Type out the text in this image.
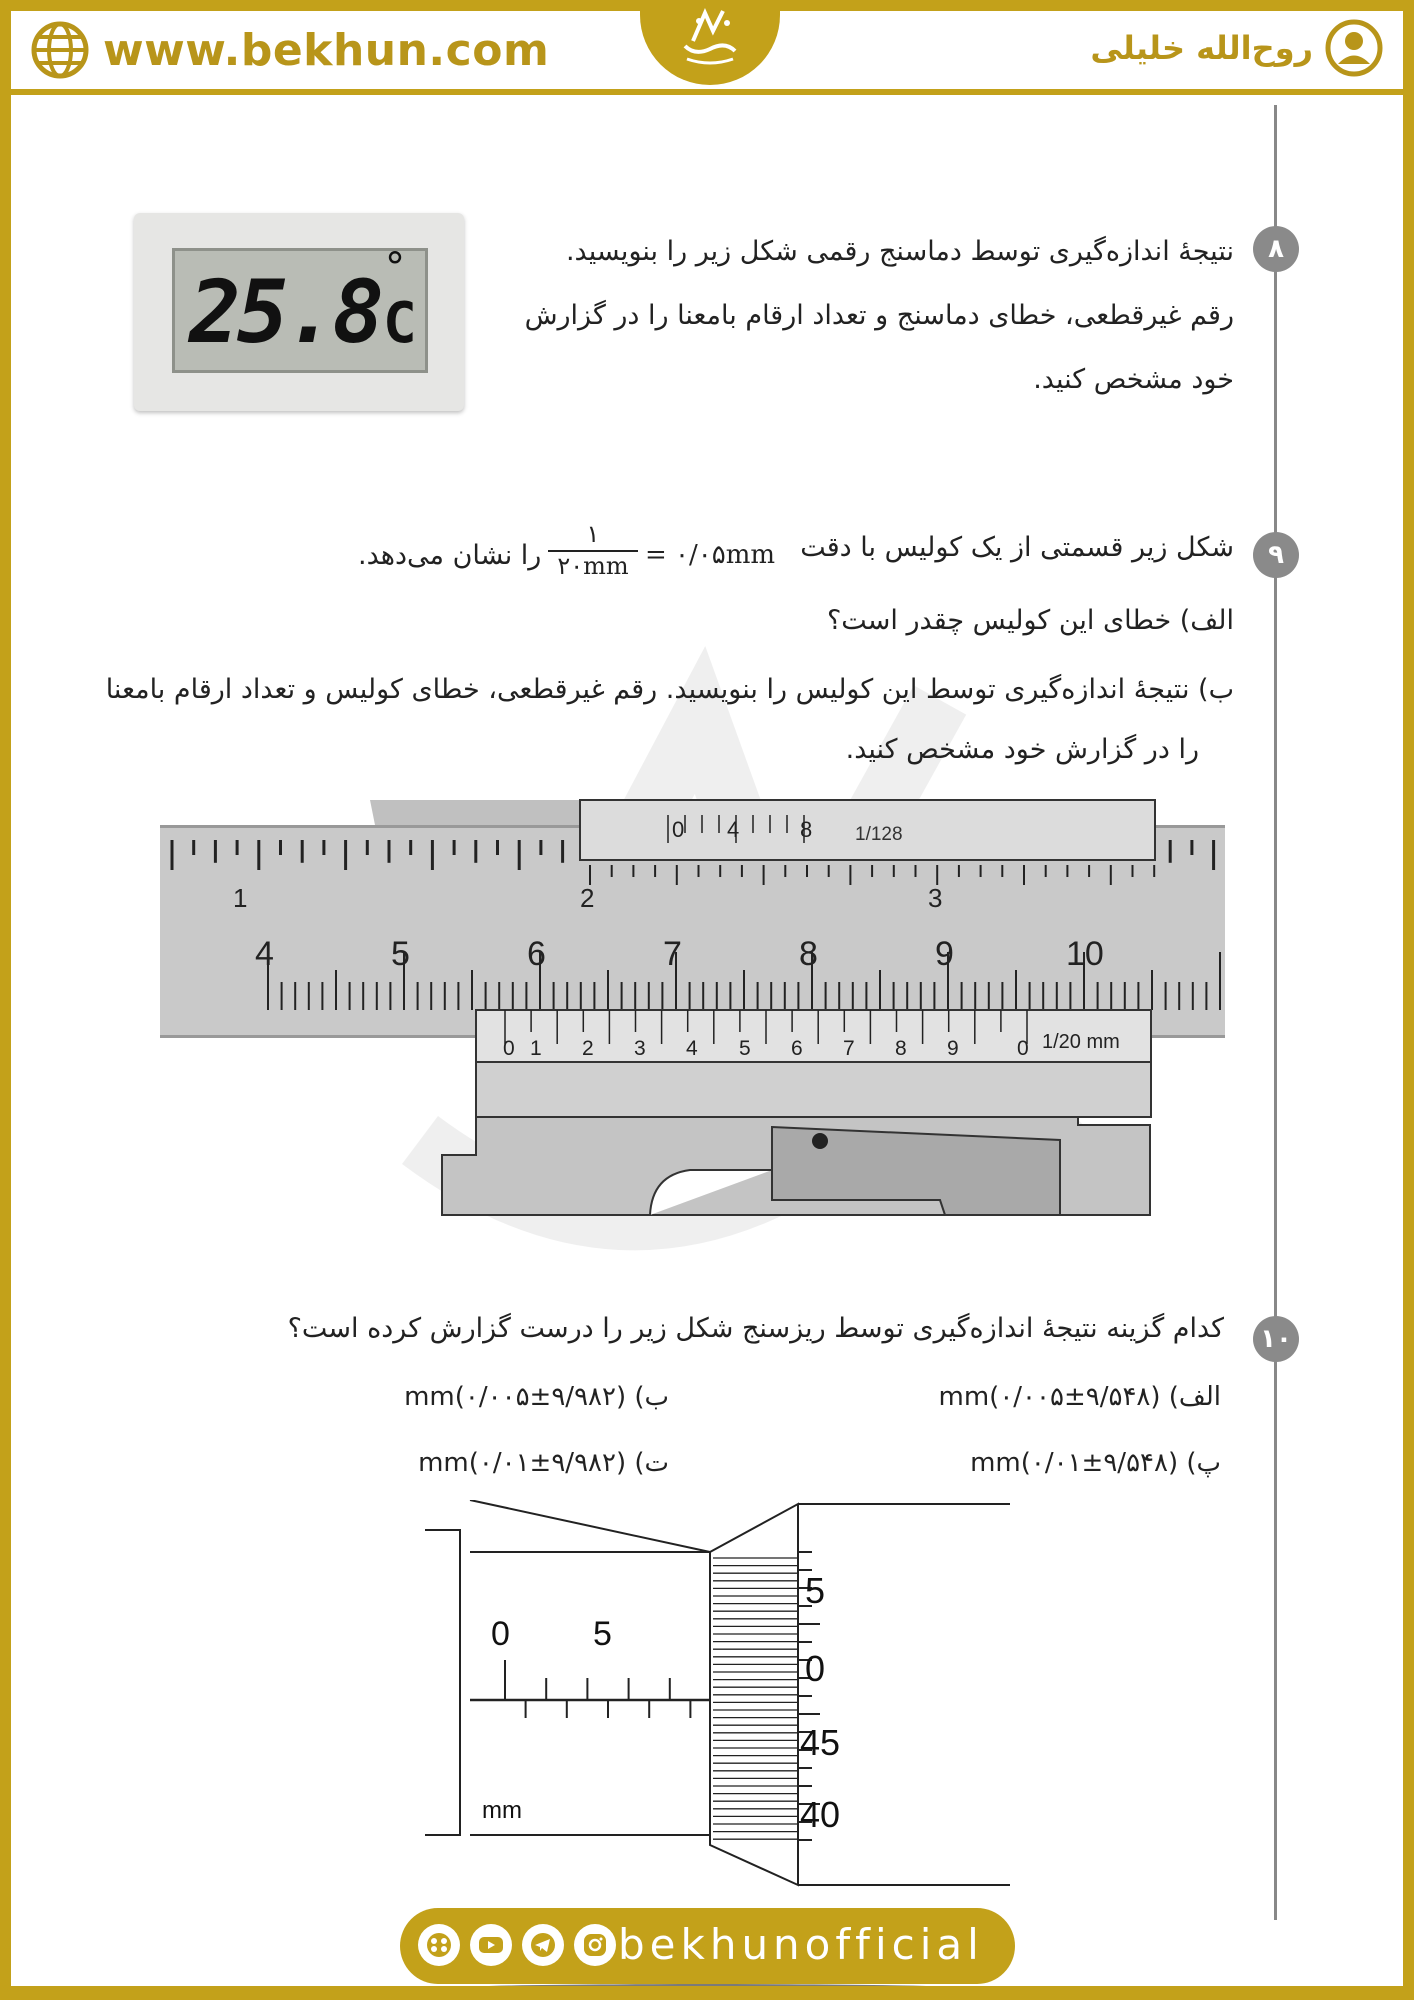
www.bekhun.com	روح‌الله خلیلی
۸
نتیجهٔ اندازه‌گیری توسط دماسنج رقمی شکل زیر را بنویسید.
رقم غیرقطعی، خطای دماسنج و تعداد ارقام بامعنا را در گزارش
خود مشخص کنید.
25.8 °
C
۹
شکل زیر قسمتی از یک کولیس با دقت
۱
۲۰mm = ۰/۰۵mm
را نشان می‌دهد.
الف) خطای این کولیس چقدر است؟
ب) نتیجهٔ اندازه‌گیری توسط این کولیس را بنویسید. رقم غیرقطعی، خطای کولیس و تعداد ارقام بامعنا
را در گزارش خود مشخص کنید.
0 4	8 1/128
1	2	3
4	5	6	7	8	9	10
0 1 2 3 4 5 6 7 8 9	0 1/20 mm
۱۰
کدام گزینه نتیجهٔ اندازه‌گیری توسط ریزسنج شکل زیر را درست گزارش کرده است؟
الف) (۹/۵۴۸±۰/۰۰۵)mm
ب) (۹/۹۸۲±۰/۰۰۵)mm
پ) (۹/۵۴۸±۰/۰۱)mm
ت) (۹/۹۸۲±۰/۰۱)mm
0 5
mm
5
0
45
40
bekhunofficial
